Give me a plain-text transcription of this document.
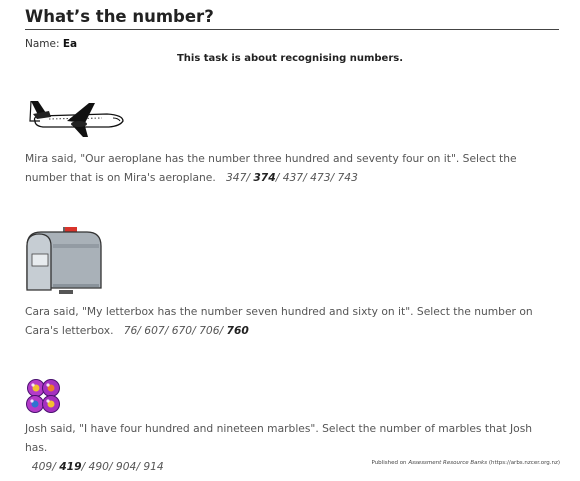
What’s the number?
Name: Ea
This task is about recognising numbers.
Mira said, "Our aeroplane has the number three hundred and seventy four on it". Select the number that is on Mira's aeroplane. 347/ 374/ 437/ 473/ 743
Cara said, "My letterbox has the number seven hundred and sixty on it". Select the number on Cara's letterbox. 76/ 607/ 670/ 706/ 760
Josh said, "I have four hundred and nineteen marbles". Select the number of marbles that Josh has.
409/ 419/ 490/ 904/ 914	Published on Assessment Resource Banks (https://arbs.nzcer.org.nz)
